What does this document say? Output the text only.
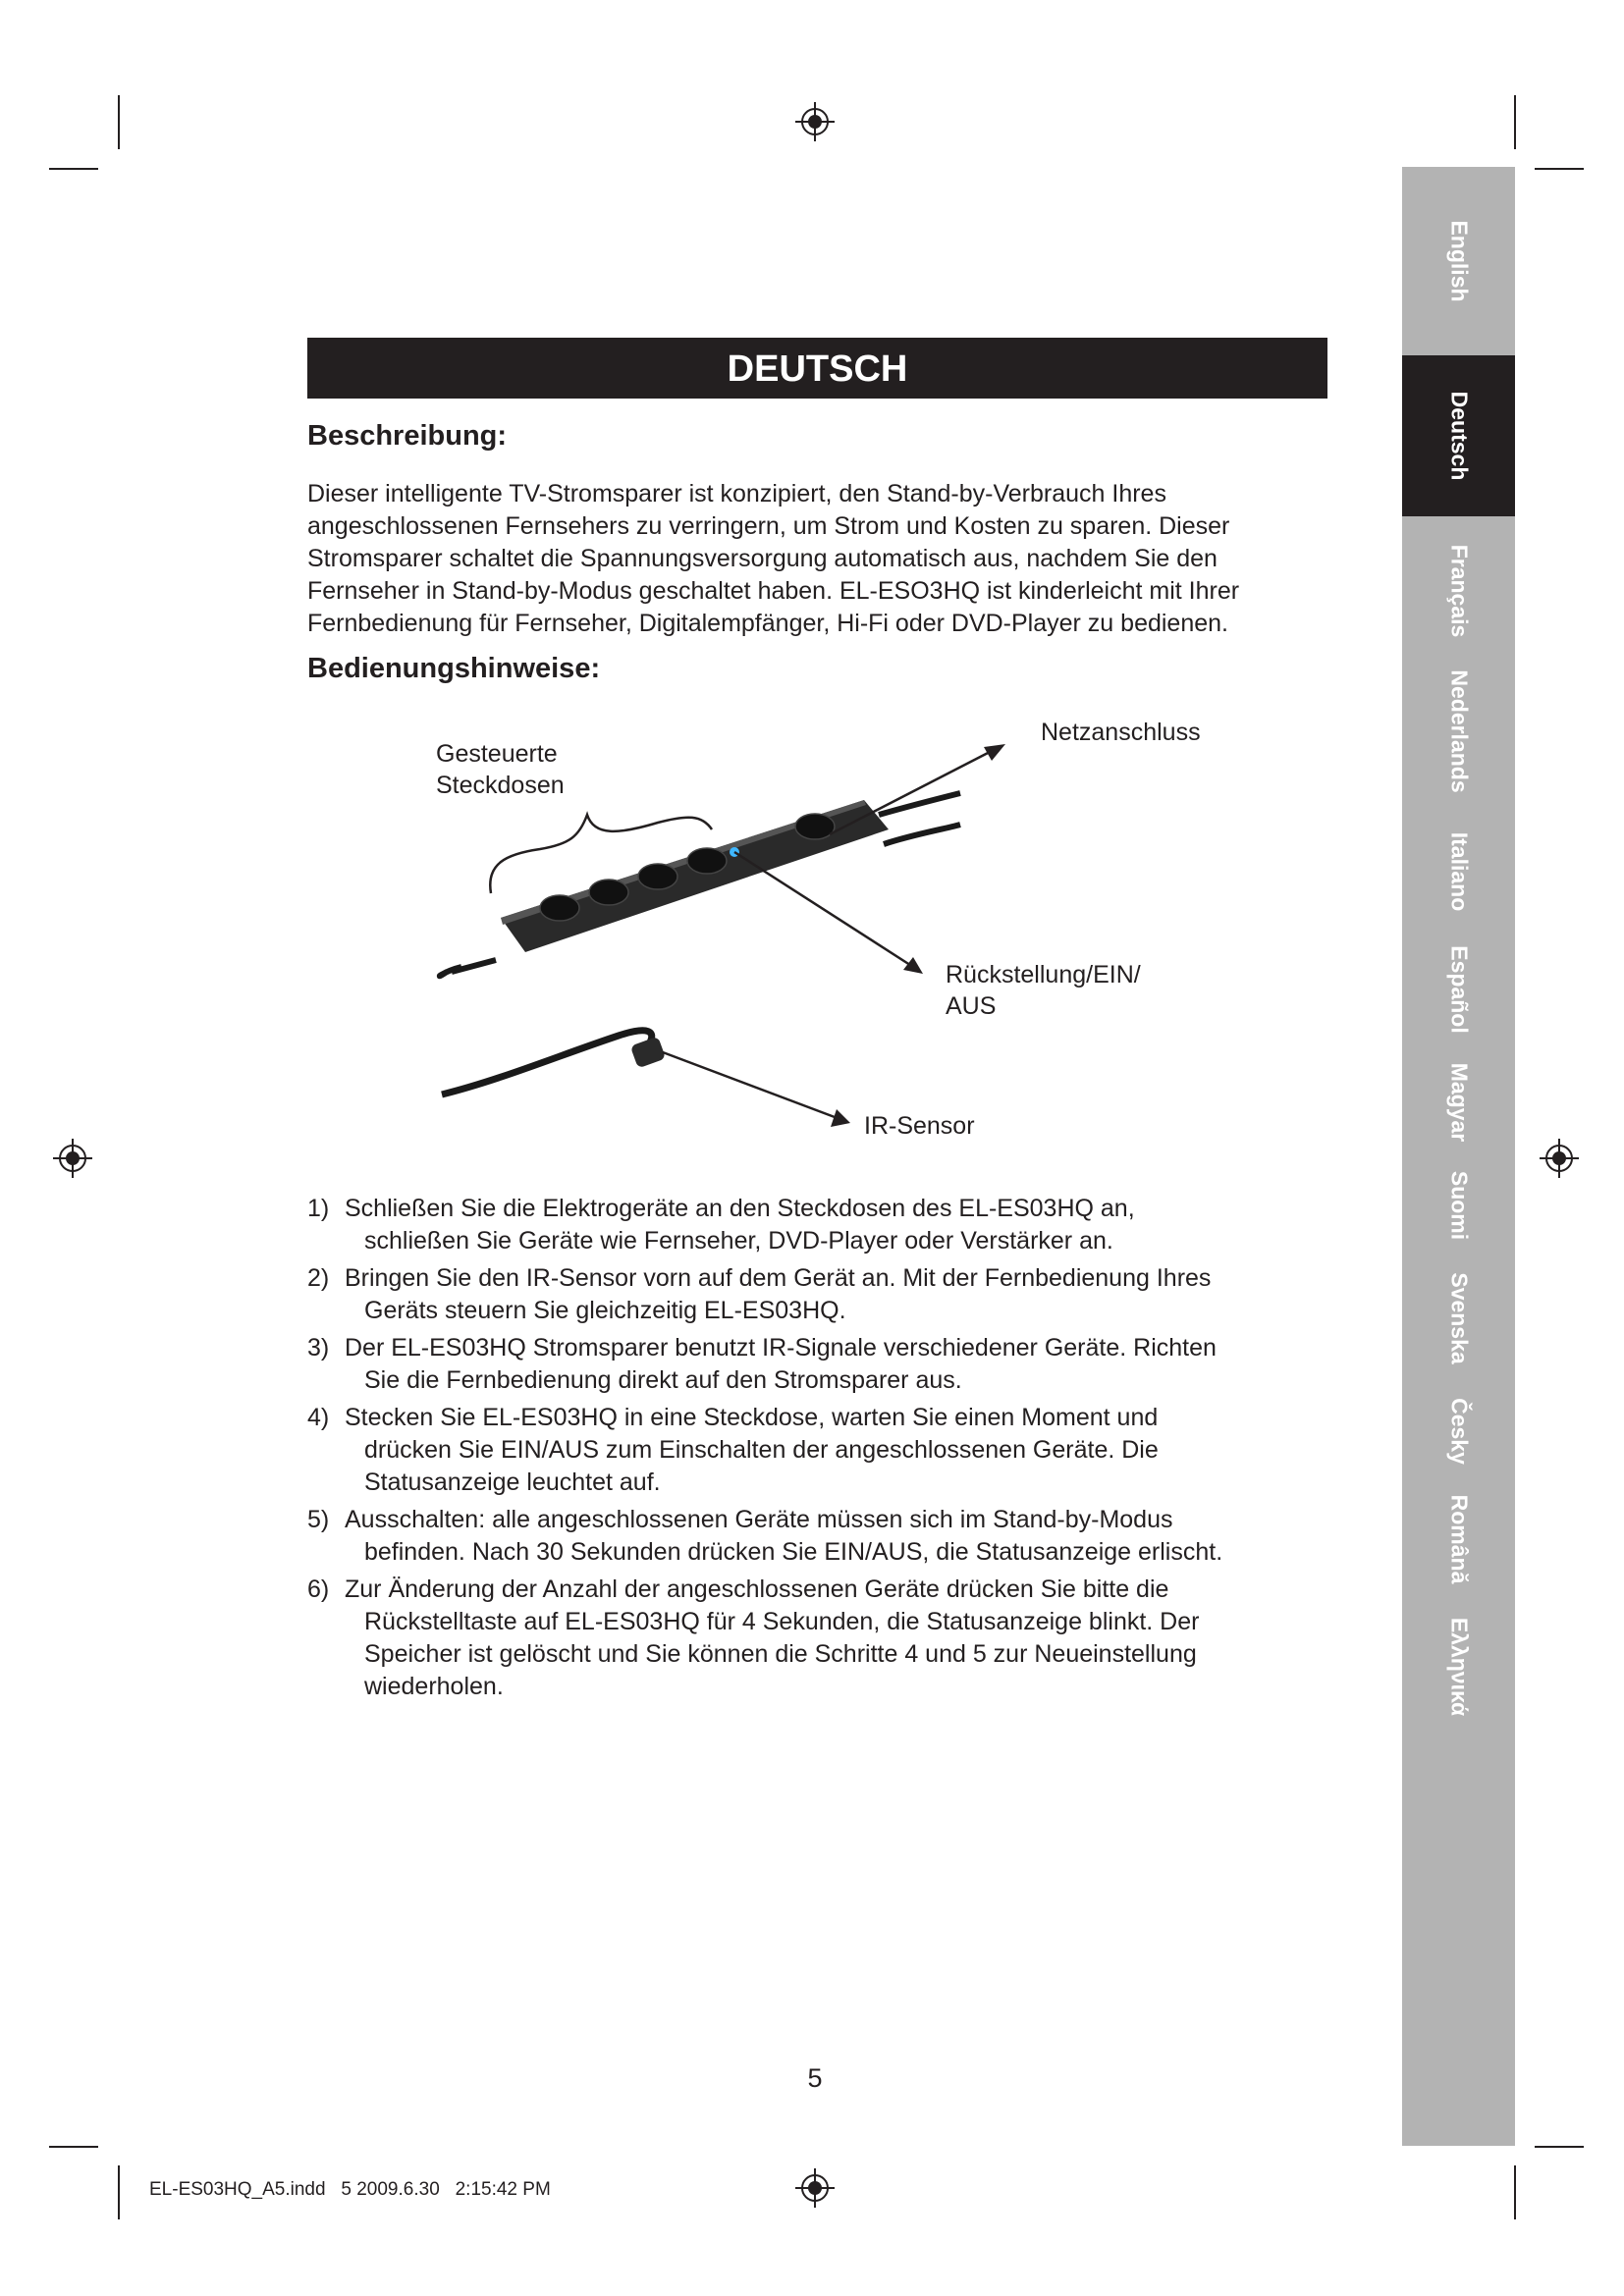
English
Deutsch
Français
Nederlands
Italiano
Español
Magyar
Suomi
Svenska
Česky
Română
Ελληνικά
DEUTSCH
Beschreibung:
Dieser intelligente TV-Stromsparer ist konzipiert, den Stand-by-Verbrauch Ihres
angeschlossenen Fernsehers zu verringern, um Strom und Kosten zu sparen. Dieser
Stromsparer schaltet die Spannungsversorgung automatisch aus, nachdem Sie den
Fernseher in Stand-by-Modus geschaltet haben. EL-ESO3HQ ist kinderleicht mit Ihrer
Fernbedienung für Fernseher, Digitalempfänger, Hi-Fi oder DVD-Player zu bedienen.
Bedienungshinweise:
Gesteuerte
Steckdosen
Netzanschluss
Rückstellung/EIN/
AUS
IR-Sensor
1) Schließen Sie die Elektrogeräte an den Steckdosen des EL-ES03HQ an,
schließen Sie Geräte wie Fernseher, DVD-Player oder Verstärker an.
2) Bringen Sie den IR-Sensor vorn auf dem Gerät an. Mit der Fernbedienung Ihres
Geräts steuern Sie gleichzeitig EL-ES03HQ.
3) Der EL-ES03HQ Stromsparer benutzt IR-Signale verschiedener Geräte. Richten
Sie die Fernbedienung direkt auf den Stromsparer aus.
4) Stecken Sie EL-ES03HQ in eine Steckdose, warten Sie einen Moment und
drücken Sie EIN/AUS zum Einschalten der angeschlossenen Geräte. Die
Statusanzeige leuchtet auf.
5) Ausschalten: alle angeschlossenen Geräte müssen sich im Stand-by-Modus
befinden. Nach 30 Sekunden drücken Sie EIN/AUS, die Statusanzeige erlischt.
6) Zur Änderung der Anzahl der angeschlossenen Geräte drücken Sie bitte die
Rückstelltaste auf EL-ES03HQ für 4 Sekunden, die Statusanzeige blinkt. Der
Speicher ist gelöscht und Sie können die Schritte 4 und 5 zur Neueinstellung
wiederholen.
5
EL-ES03HQ_A5.indd   5 2009.6.30   2:15:42 PM
